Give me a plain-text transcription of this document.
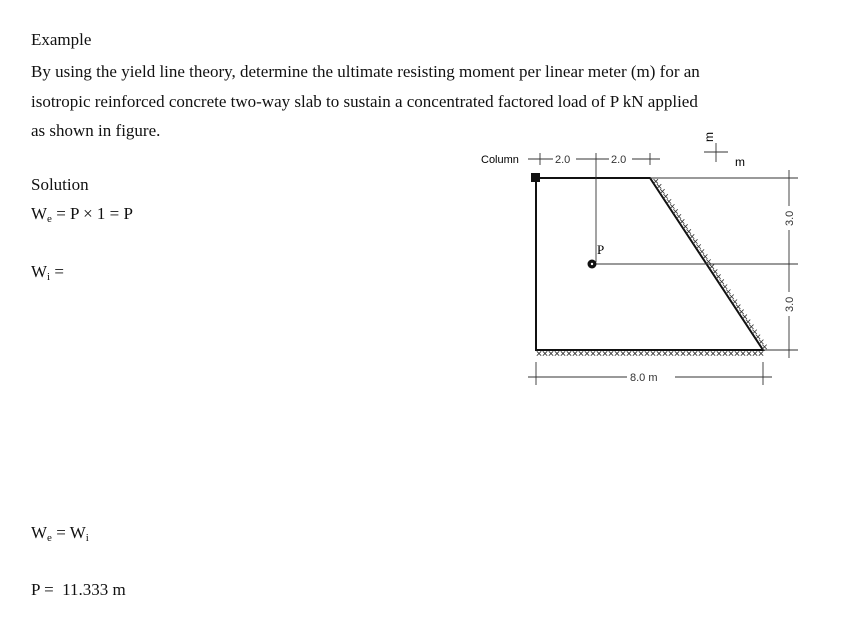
Example
By using the yield line theory, determine the ultimate resisting moment per linear meter (m) for an
isotropic reinforced concrete two-way slab to sustain a concentrated factored load of P kN applied
as shown in figure.
Solution
$W_e = P \times 1 = P$
$W_i$ =
$W_e = W_i$
P =  11.333 m
Column	2.0	2.0
m
m
P
3.0
3.0
8.0 m
